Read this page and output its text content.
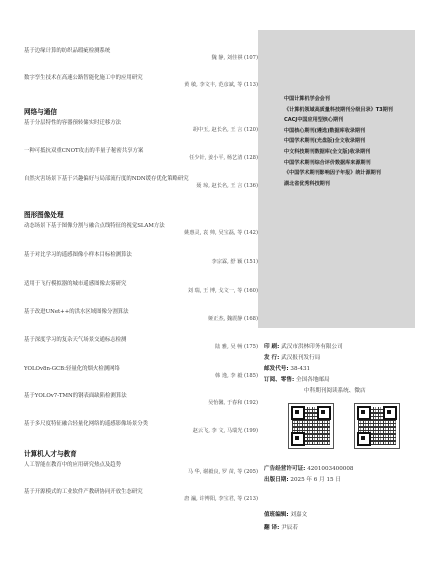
基于边缘计算的纺织品瑕疵检测系统
魏 静, 刘佳祺 (107)
数字孪生技术在高速公路智能化施工中的应用研究
黄 敏, 李文丰, 范彦斌, 等 (113)
网络与通信
基于分层特性的容器预转储实时迁移方法
胡中玉, 赵长名, 王 言 (120)
一种可抵抗双重CNOT攻击的半量子秘密共享方案
任少针, 姜小平, 杨艺清 (128)
自然灾害场景下基于兴趣偏好与局部流行度的NDN缓存优化策略研究
聂 琼, 赵长名, 王 言 (136)
图形图像处理
动态场景下基于图像分割与融合点线特征的视觉SLAM方法
姚惠灵, 袁 帅, 吴宝磊, 等 (142)
基于对比学习的遥感图像小样本目标检测算法
李宗霖, 舒 颖 (151)
适用于飞行模拟器的城市遥感图像去雾研究
刘 瑞, 王 博, 戈文一, 等 (160)
基于改进UNet++的洪水区域图像分割算法
娅正杰, 魏震静 (168)
基于深度学习的复杂天气场景交通标志检测
陆 雅, 吴 畅 (175)
YOLOv8n-GCB:轻量化的烟火检测网络
韩 逸, 李 毅 (185)
基于YOLOv7-TMN的钢表面缺陷检测算法
吴怡馨, 于春和 (192)
基于多尺度特征融合轻量化网络的遥感影像场景分类
赵云飞, 李 文, 马瑞光 (199)
计算机人才与教育
人工智能在教育中的应用研究热点及趋势
马 华, 谢毅良, 罗 苗, 等 (205)
基于开源模式的工业软件产教研协同开放生态研究
唐 瀛, 许博阳, 李宝君, 等 (213)
中国计算机学会会刊
《计算机领域高质量科技期刊分级目录》T3期刊
CACJ中国应用型核心期刊
中国核心期刊(遴选)数据库收录期刊
中国学术期刊(光盘版)全文收录期刊
中文科技期刊数据库(全文版)收录期刊
中国学术期刊综合评价数据库来源期刊
《中国学术期刊影响因子年报》统计源期刊
湖北省优秀科技期刊
印 刷: 武汉市洪林印务有限公司
发 行: 武汉报刊发行局
邮发代号: 38-431
订阅、零售: 全国各地邮局
中科期刊阅读系统、微店
广告经营许可证: 4201003400008
出版日期: 2025 年 6 月 15 日
值班编辑: 刘嘉文
翻 译: 尹辰若
